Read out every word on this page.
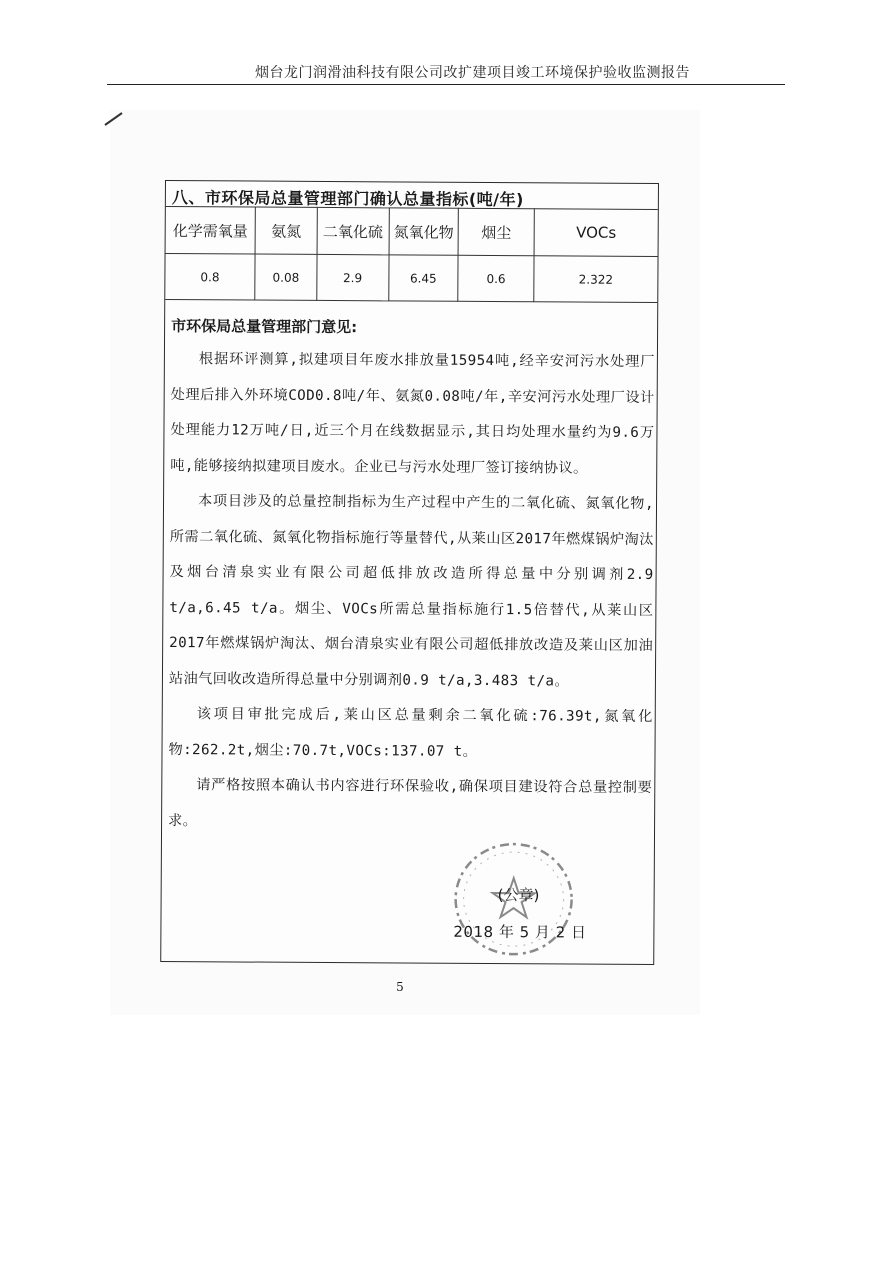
烟台龙门润滑油科技有限公司改扩建项目竣工环境保护验收监测报告
八、市环保局总量管理部门确认总量指标(吨/年)
化学需氧量	氨氮	二氧化硫	氮氧化物	烟尘	VOCs
0.8	0.08	2.9	6.45	0.6	2.322
市环保局总量管理部门意见:

根据环评测算,拟建项目年废水排放量15954吨,经辛安河污水处理厂处理后排入外环境COD0.8吨/年、氨氮0.08吨/年,辛安河污水处理厂设计处理能力12万吨/日,近三个月在线数据显示,其日均处理水量约为9.6万吨,能够接纳拟建项目废水。企业已与污水处理厂签订接纳协议。

本项目涉及的总量控制指标为生产过程中产生的二氧化硫、氮氧化物,所需二氧化硫、氮氧化物指标施行等量替代,从莱山区2017年燃煤锅炉淘汰及烟台清泉实业有限公司超低排放改造所得总量中分别调剂2.9 t/a,6.45 t/a。烟尘、VOCs所需总量指标施行1.5倍替代,从莱山区2017年燃煤锅炉淘汰、烟台清泉实业有限公司超低排放改造及莱山区加油站油气回收改造所得总量中分别调剂0.9 t/a,3.483 t/a。

该项目审批完成后,莱山区总量剩余二氧化硫:76.39t,氮氧化物:262.2t,烟尘:70.7t,VOCs:137.07 t。

请严格按照本确认书内容进行环保验收,确保项目建设符合总量控制要求。

(公章)
2018 年 5 月 2 日
5
